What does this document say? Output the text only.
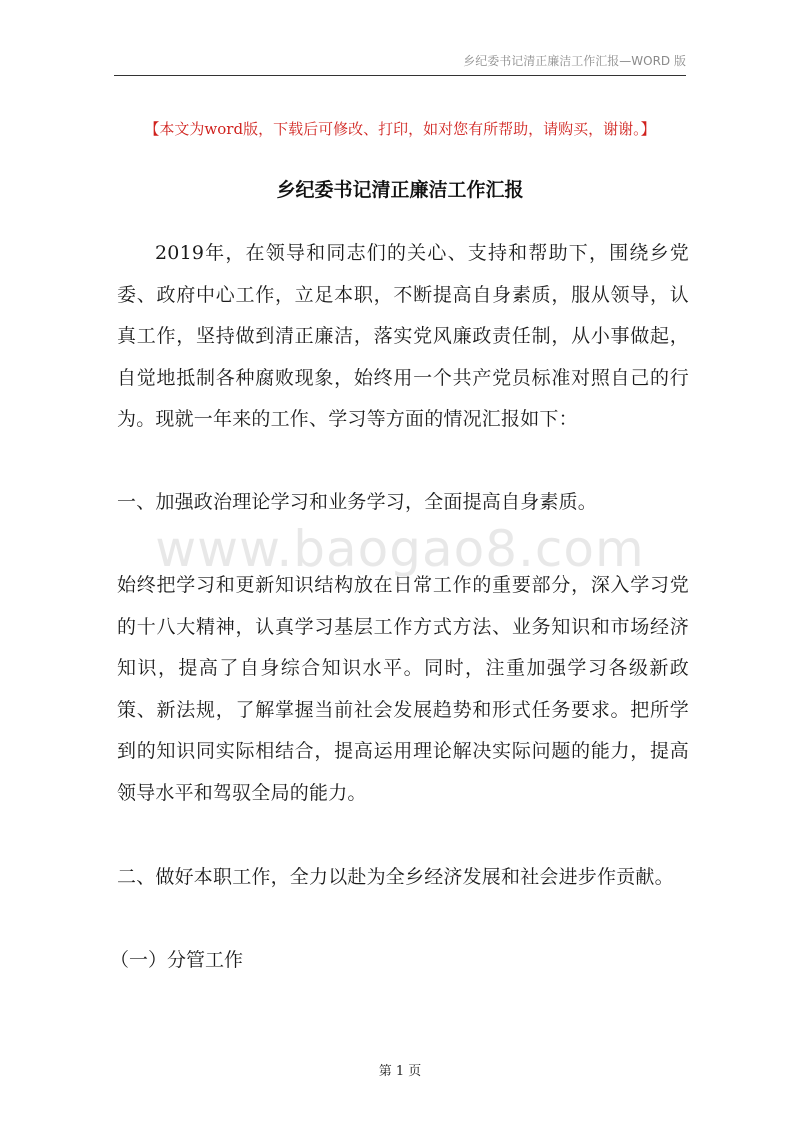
乡纪委书记清正廉洁工作汇报—WORD 版
【本文为word版，下载后可修改、打印，如对您有所帮助，请购买，谢谢。】
乡纪委书记清正廉洁工作汇报
2019年，在领导和同志们的关心、支持和帮助下，围绕乡党委、政府中心工作，立足本职，不断提高自身素质，服从领导，认真工作，坚持做到清正廉洁，落实党风廉政责任制，从小事做起，自觉地抵制各种腐败现象，始终用一个共产党员标准对照自己的行为。现就一年来的工作、学习等方面的情况汇报如下：
一、加强政治理论学习和业务学习，全面提高自身素质。
www.baogao8.com
始终把学习和更新知识结构放在日常工作的重要部分，深入学习党的十八大精神，认真学习基层工作方式方法、业务知识和市场经济知识，提高了自身综合知识水平。同时，注重加强学习各级新政策、新法规，了解掌握当前社会发展趋势和形式任务要求。把所学到的知识同实际相结合，提高运用理论解决实际问题的能力，提高领导水平和驾驭全局的能力。
二、做好本职工作，全力以赴为全乡经济发展和社会进步作贡献。
（一）分管工作
第 1 页
